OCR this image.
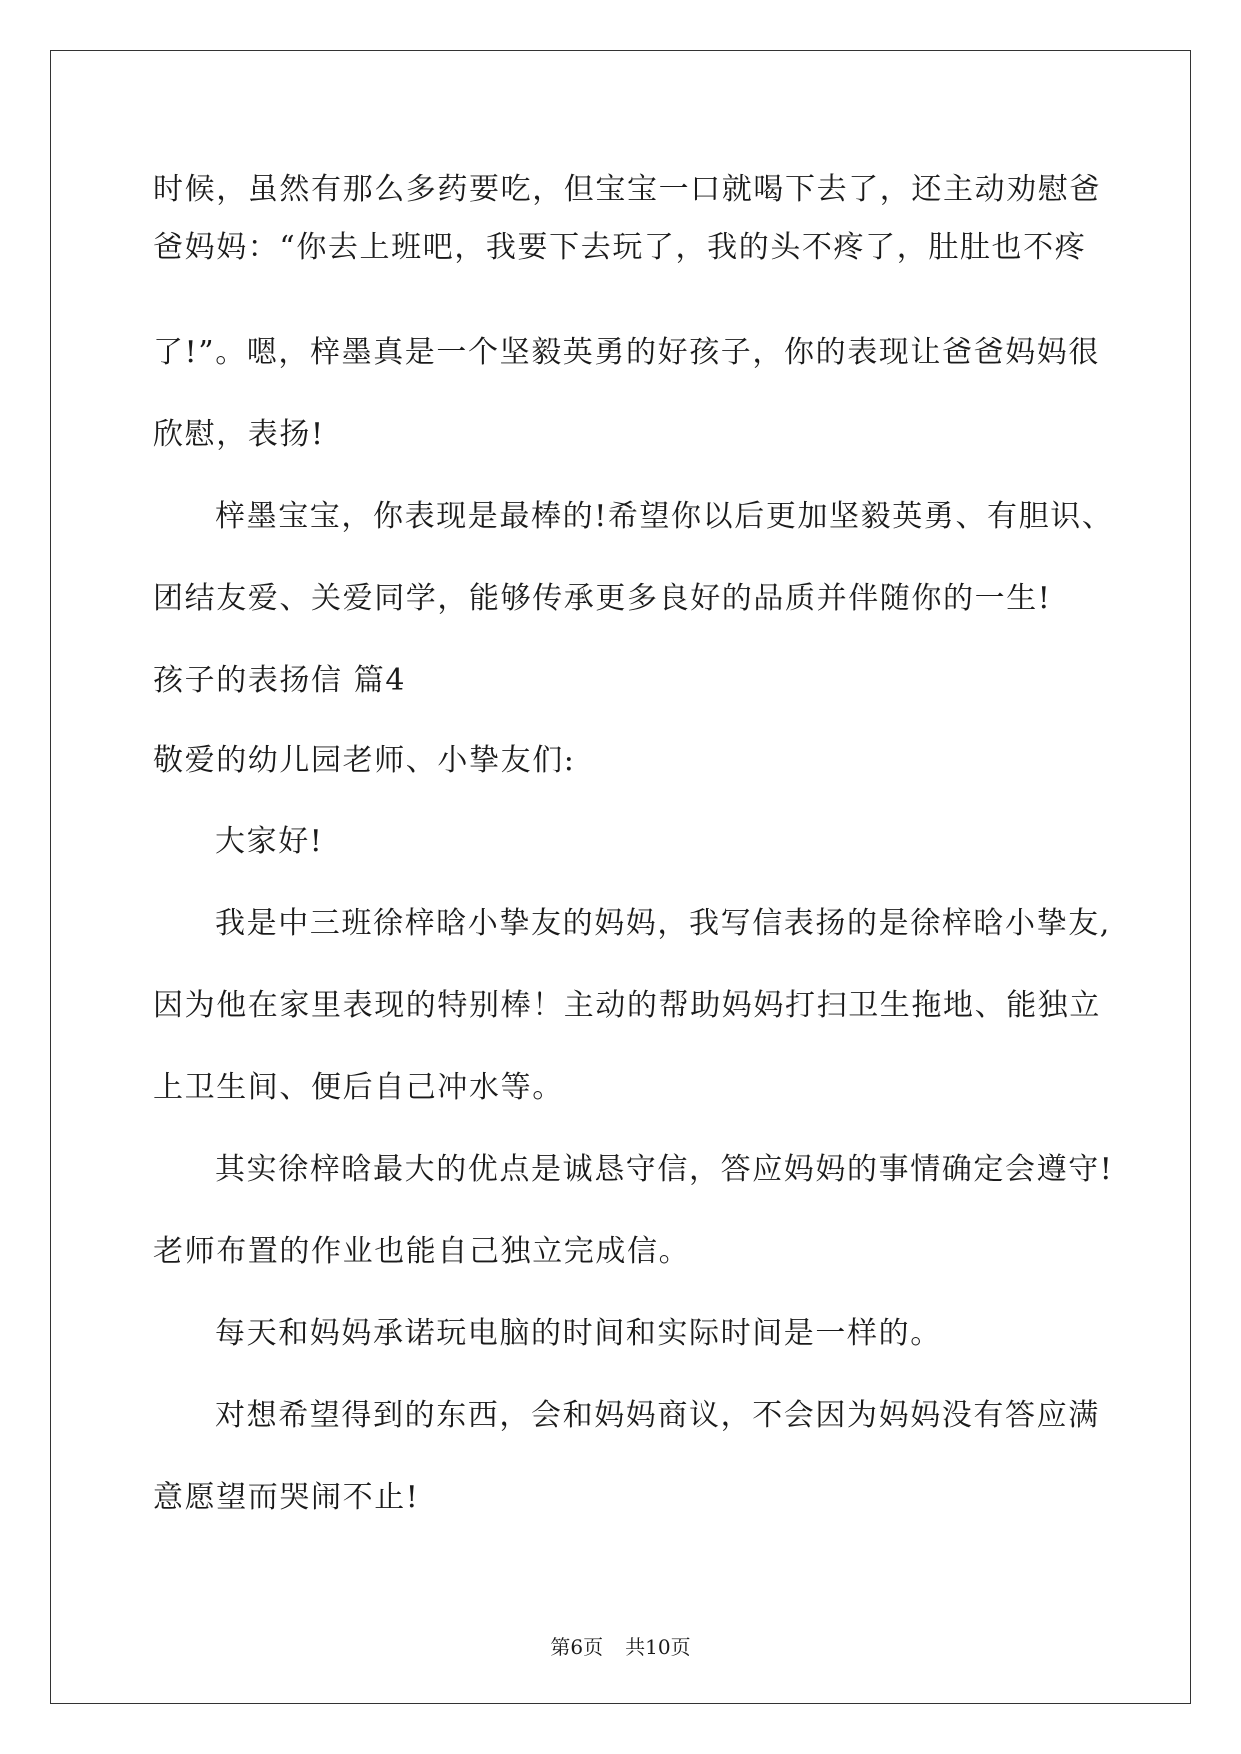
时候，虽然有那么多药要吃，但宝宝一口就喝下去了，还主动劝慰爸

爸妈妈：“你去上班吧，我要下去玩了，我的头不疼了，肚肚也不疼

了!”。嗯，梓墨真是一个坚毅英勇的好孩子，你的表现让爸爸妈妈很

欣慰，表扬!

梓墨宝宝，你表现是最棒的!希望你以后更加坚毅英勇、有胆识、

团结友爱、关爱同学，能够传承更多良好的品质并伴随你的一生!

孩子的表扬信 篇4

敬爱的幼儿园老师、小挚友们:

大家好!

我是中三班徐梓晗小挚友的妈妈，我写信表扬的是徐梓晗小挚友,

因为他在家里表现的特别棒！主动的帮助妈妈打扫卫生拖地、能独立

上卫生间、便后自己冲水等。

其实徐梓晗最大的优点是诚恳守信，答应妈妈的事情确定会遵守!

老师布置的作业也能自己独立完成信。

每天和妈妈承诺玩电脑的时间和实际时间是一样的。

对想希望得到的东西，会和妈妈商议，不会因为妈妈没有答应满

意愿望而哭闹不止!

第6页 共10页
